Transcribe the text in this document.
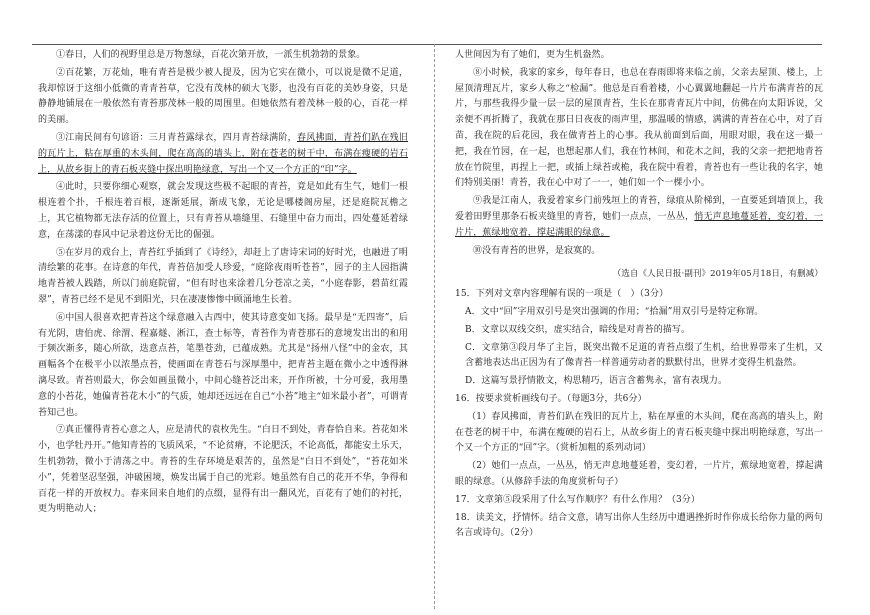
①春日，人们的视野里总是万物葱绿，百花次第开放，一派生机勃勃的景象。

②百花繁，万花灿，唯有青苔是极少被人提及，因为它实在微小，可以说是微不足道，我却惊讶于这细小低微的青青苔草，它没有茂林的硕大飞影，也没有百花的美妙身姿，只是静静地铺展在一般依然有青苔那茂林一般的周围里。但她依然有着茂林一般的心，百花一样的美丽。

③江南民间有句谚语：三月青苔露绿衣，四月青苔绿满阶，春风拂面，青苔们趴在残旧的瓦片上，粘在厚重的木头间，爬在高高的墙头上，附在苍老的树干中，布满在瘦硬的岩石上，从故乡街上的青石板夹缝中探出明艳绿意，写出一个又一个方正的“印”字。

④此时，只要你细心观察，就会发现这些极不起眼的青苔，竟是如此有生气，她们一根根连着个扑，千根连着百根，逐渐延展，渐成飞象，无论是哪楼阁房屋，还是庭院瓦檐之上，其它植物都无法存活的位置上，只有青苔从墙缝里、石缝里中奋力而出，四处蔓延着绿意，在荡漾的春风中记录着这份无比的倔强。

⑤在岁月的戏台上，青苔红乎插到了《诗经》，却赶上了唐诗宋词的好时光，也融进了明清绘繁的花事。在诗意的年代，青苔倍加受人珍爱，“庭除夜雨听苍苔”，园子的主人园指满地青苔被人践踏，所以门前庭院留，“但有时也来涂着几分苍凉之美，“小庭春影，碧苗红霞翠”，青苔已经不是见不到阳光，只在凄凄惨惨中顾涌地生长着。

⑥中国人很喜欢把青苔这个绿意融入古西中，使其诗意变如飞扬。最早是“无四寄”，后有光阴，唐伯虎、徐渭、程嘉燧、淅江，查士标等，青苔作为青苍那石的意境发出出的和用于频次渐多，随心所欲，迭意点苔，笔墨苍劲，已蕴成熟。尤其是“扬州八怪”中的金农，其画幅各个在极平小以浓墨点苔，使画面在青苍石与深厚墨中，把青苔主题在微小之中透得淋漓尽致。青苔则最大，你会如画虽微小，中间心缝苔泛出来，开作所被，十分可爱，我用墨意的小苔花，她偏青苔花木小”的气质，她却还远远在自己“小苔”地主“如米最小者”，可谓青苔知己也。

⑦真正懂得青苔心意之人，应是清代的袁枚先生。“白日不到处，青春恰自来。苔花如米小，也学牡丹开。”他知青苔的飞质风采，“不论贫瘠，不论肥沃，不论高低，都能安土乐天，生机勃勃，微小于清荡之中。青苔的生存环境是艰苦的，虽然是“白日不到处”，“苔花如米小”，凭着坚忍坚强，冲破困境，焕发出属于自己的光彩。她虽然有自己的花开不华，争得和百花一样的开放权力。春来回来自地们的点缀，显得有出一翻风光，百花有了她们的衬托，更为明艳动人；

人世间因为有了她们，更为生机盎然。

⑧小时候，我家的家乡，每年春日，也总在春雨即将来临之前，父亲去屋顶、楼上，上屋顶清理瓦片，家乡人称之“检漏”。他总是百看着楼，小心翼翼地翻起一片片布满青苔的瓦片，与那些我得少量一层一层的屋顶青苔，生长在那青青瓦片中间，仿佛在向太阳诉说，父亲便不再折腾了，我就在那日日夜夜的雨声里，那温暖的情感，满满的青苔在心中，对了百苗，我在院的后花园，我在做青苔上的心事。我从前面到后面，用眼对眼，我在这一撮一把，我在竹园，在一起，也想起那人们，我在竹林间，和花木之间，我的父亲一把把地青苔放在竹院里，再捏上一把，或插上绿苔或桅，我在院中看着，青苔也有一些让我的名字，她们特别美丽！青苔，我在心中对了一一，她们如一个一棵小小。

⑨我是江南人，我爱着家乡门前残垣上的青苔，绿痕从阶梯到，一直要延到墙顶上，我爱着田野里那条石板夹缝里的青苔，她们一点点，一丛丛，悄无声息地蔓延着，变幻着，一片片，蕉绿地宽着，撑起满眼的绿意。

⑩没有青苔的世界，是寂寞的。

（选自《人民日报·副刊》2019年05月18日，有删减）

15．下列对文章内容理解有误的一项是（　）（3分）

A．文中“回”字用双引号是突出强调的作用；“拾漏”用双引号是特定称谓。

B．文章以双线交织，虚实结合，暗线是对青苔的描写。

C．文章第③段月华了主旨，既突出微不足道的青苔点缀了生机，给世界带来了生机，又含蓄地表达出正因为有了像青苔一样普通劳动者的默默付出，世界才变得生机盎然。

D．这篇写景抒情散文，构思精巧，语言含蓄隽永，富有表现力。

16．按要求赏析画线句子。（每题3分，共6分）

（1）春风拂面，青苔们趴在残旧的瓦片上，粘在厚重的木头间，爬在高高的墙头上，附在苍老的树干中，布满在瘦硬的岩石上，从故乡街上的青石板夹缝中探出明艳绿意，写出一个又一个方正的“回”字。（赏析加粗的系列动词）

（2）她们一点点，一丛丛，悄无声息地蔓延着，变幻着，一片片，蕉绿地宽着，撑起满眼的绿意。（从修辞手法的角度赏析句子）

17．文章第⑤段采用了什么写作顺序？有什么作用？（3分）

18．读美文，抒情怀。结合文意，请写出你人生经历中遭遇挫折时作你成长给你力量的两句名言或诗句。（2分）
